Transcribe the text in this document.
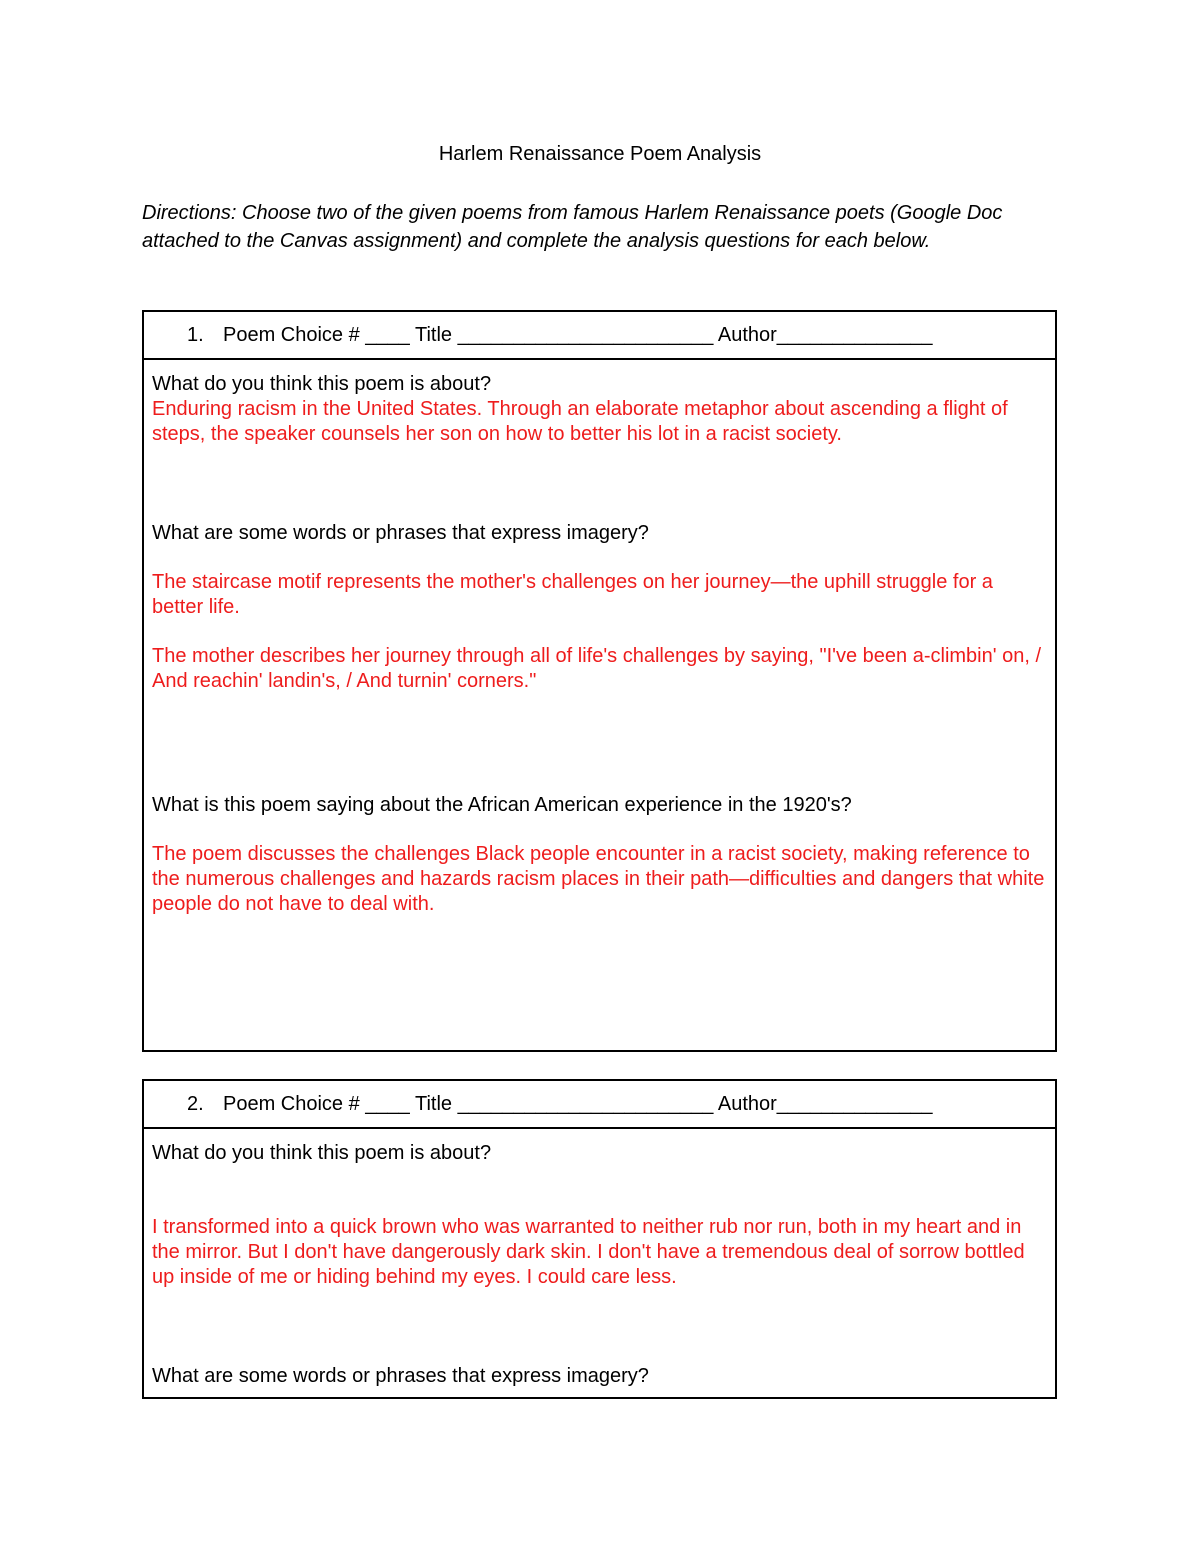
Harlem Renaissance Poem Analysis

Directions: Choose two of the given poems from famous Harlem Renaissance poets (Google Doc attached to the Canvas assignment) and complete the analysis questions for each below.

1. Poem Choice # ____ Title _______________________ Author______________

What do you think this poem is about?

Enduring racism in the United States. Through an elaborate metaphor about ascending a flight of steps, the speaker counsels her son on how to better his lot in a racist society.

What are some words or phrases that express imagery?

The staircase motif represents the mother's challenges on her journey—the uphill struggle for a better life.

The mother describes her journey through all of life's challenges by saying, "I've been a-climbin' on, / And reachin' landin's, / And turnin' corners."

What is this poem saying about the African American experience in the 1920's?

The poem discusses the challenges Black people encounter in a racist society, making reference to the numerous challenges and hazards racism places in their path—difficulties and dangers that white people do not have to deal with.

2. Poem Choice # ____ Title _______________________ Author______________

What do you think this poem is about?

I transformed into a quick brown who was warranted to neither rub nor run, both in my heart and in the mirror. But I don't have dangerously dark skin. I don't have a tremendous deal of sorrow bottled up inside of me or hiding behind my eyes. I could care less.

What are some words or phrases that express imagery?
